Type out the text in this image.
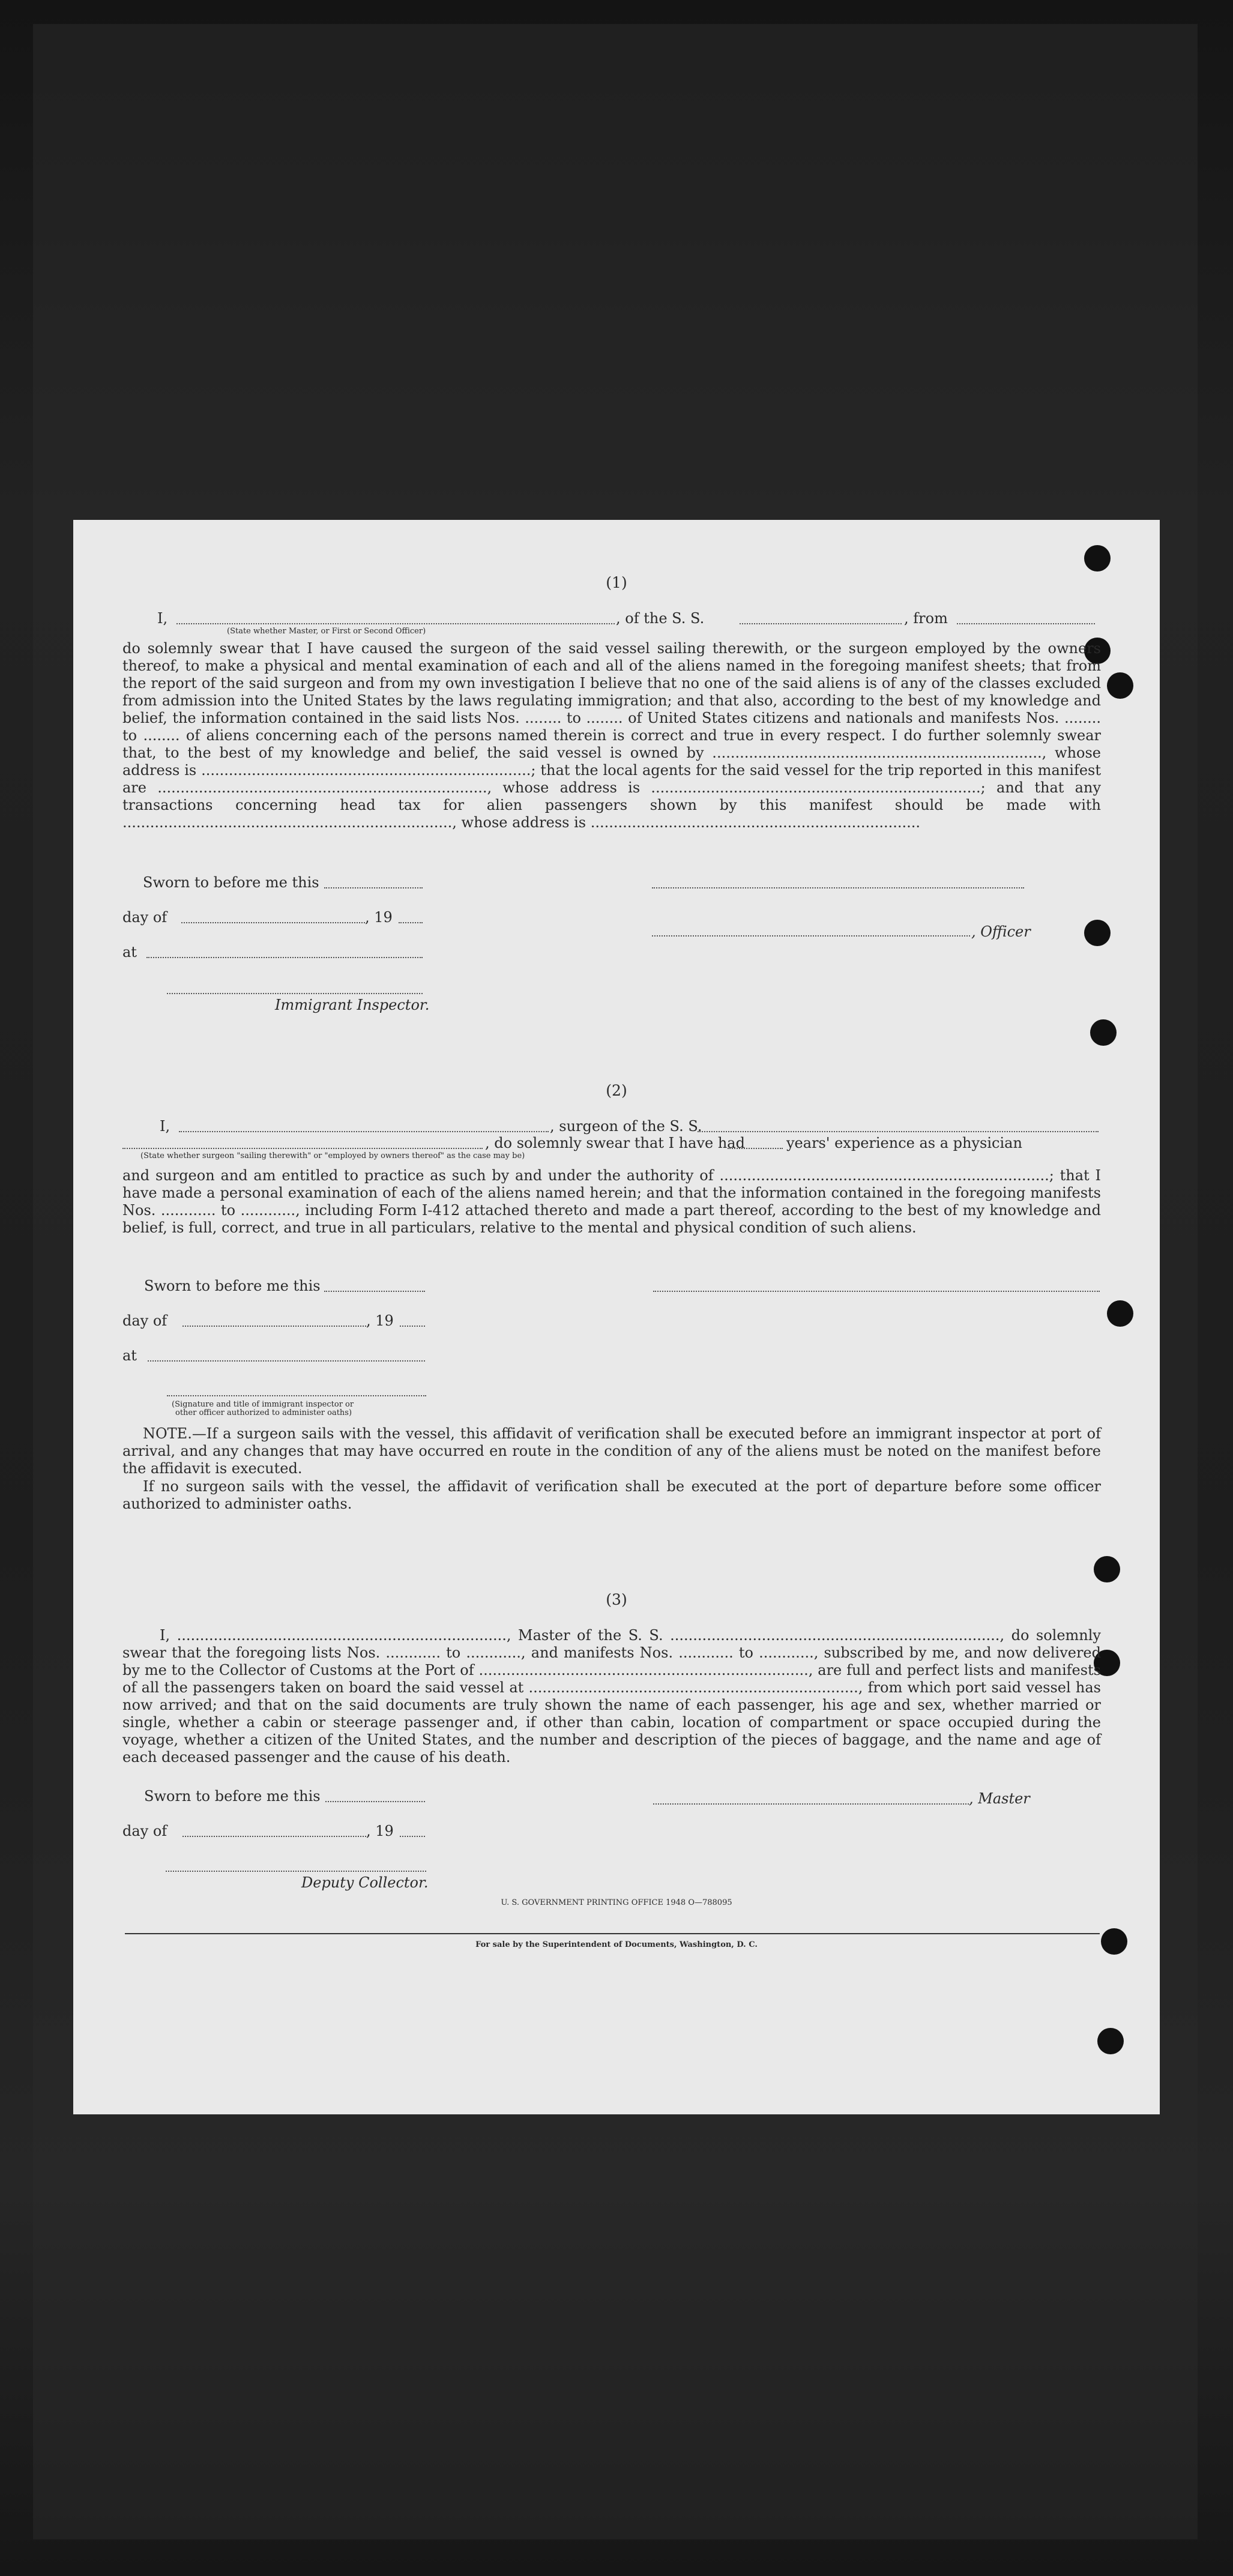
(1)
I,	, of the S. S.	, from
(State whether Master, or First or Second Officer)
do solemnly swear that I have caused the surgeon of the said vessel sailing therewith, or the surgeon employed by the owners thereof, to make a physical and mental examination of each and all of the aliens named in the foregoing manifest sheets; that from the report of the said surgeon and from my own investigation I believe that no one of the said aliens is of any of the classes excluded from admission into the United States by the laws regulating immigration; and that also, according to the best of my knowledge and belief, the information contained in the said lists Nos. ........ to ........ of United States citizens and nationals and manifests Nos. ........ to ........ of aliens concerning each of the persons named therein is correct and true in every respect. I do further solemnly swear that, to the best of my knowledge and belief, the said vessel is owned by ........................................................................, whose address is ........................................................................; that the local agents for the said vessel for the trip reported in this manifest are ........................................................................, whose address is ........................................................................; and that any transactions concerning head tax for alien passengers shown by this manifest should be made with ........................................................................, whose address is ........................................................................
Sworn to before me this
day of	, 19
, Officer
at
Immigrant Inspector.
(2)
I,	, surgeon of the S. S.
, do solemnly swear that I have had	years' experience as a physician
(State whether surgeon "sailing therewith" or "employed by owners thereof" as the case may be)
and surgeon and am entitled to practice as such by and under the authority of ........................................................................; that I have made a personal examination of each of the aliens named herein; and that the information contained in the foregoing manifests Nos. ............ to ............, including Form I-412 attached thereto and made a part thereof, according to the best of my knowledge and belief, is full, correct, and true in all particulars, relative to the mental and physical condition of such aliens.
Sworn to before me this
day of	, 19
at
(Signature and title of immigrant inspector or
other officer authorized to administer oaths)
NOTE.—If a surgeon sails with the vessel, this affidavit of verification shall be executed before an immigrant inspector at port of arrival, and any changes that may have occurred en route in the condition of any of the aliens must be noted on the manifest before the affidavit is executed.
If no surgeon sails with the vessel, the affidavit of verification shall be executed at the port of departure before some officer authorized to administer oaths.
(3)
I, ........................................................................, Master of the S. S. ........................................................................, do solemnly swear that the foregoing lists Nos. ............ to ............, and manifests Nos. ............ to ............, subscribed by me, and now delivered by me to the Collector of Customs at the Port of ........................................................................, are full and perfect lists and manifests of all the passengers taken on board the said vessel at ........................................................................, from which port said vessel has now arrived; and that on the said documents are truly shown the name of each passenger, his age and sex, whether married or single, whether a cabin or steerage passenger and, if other than cabin, location of compartment or space occupied during the voyage, whether a citizen of the United States, and the number and description of the pieces of baggage, and the name and age of each deceased passenger and the cause of his death.
Sworn to before me this	, Master
day of	, 19
Deputy Collector.
U. S. GOVERNMENT PRINTING OFFICE 1948 O—788095
For sale by the Superintendent of Documents, Washington, D. C.
